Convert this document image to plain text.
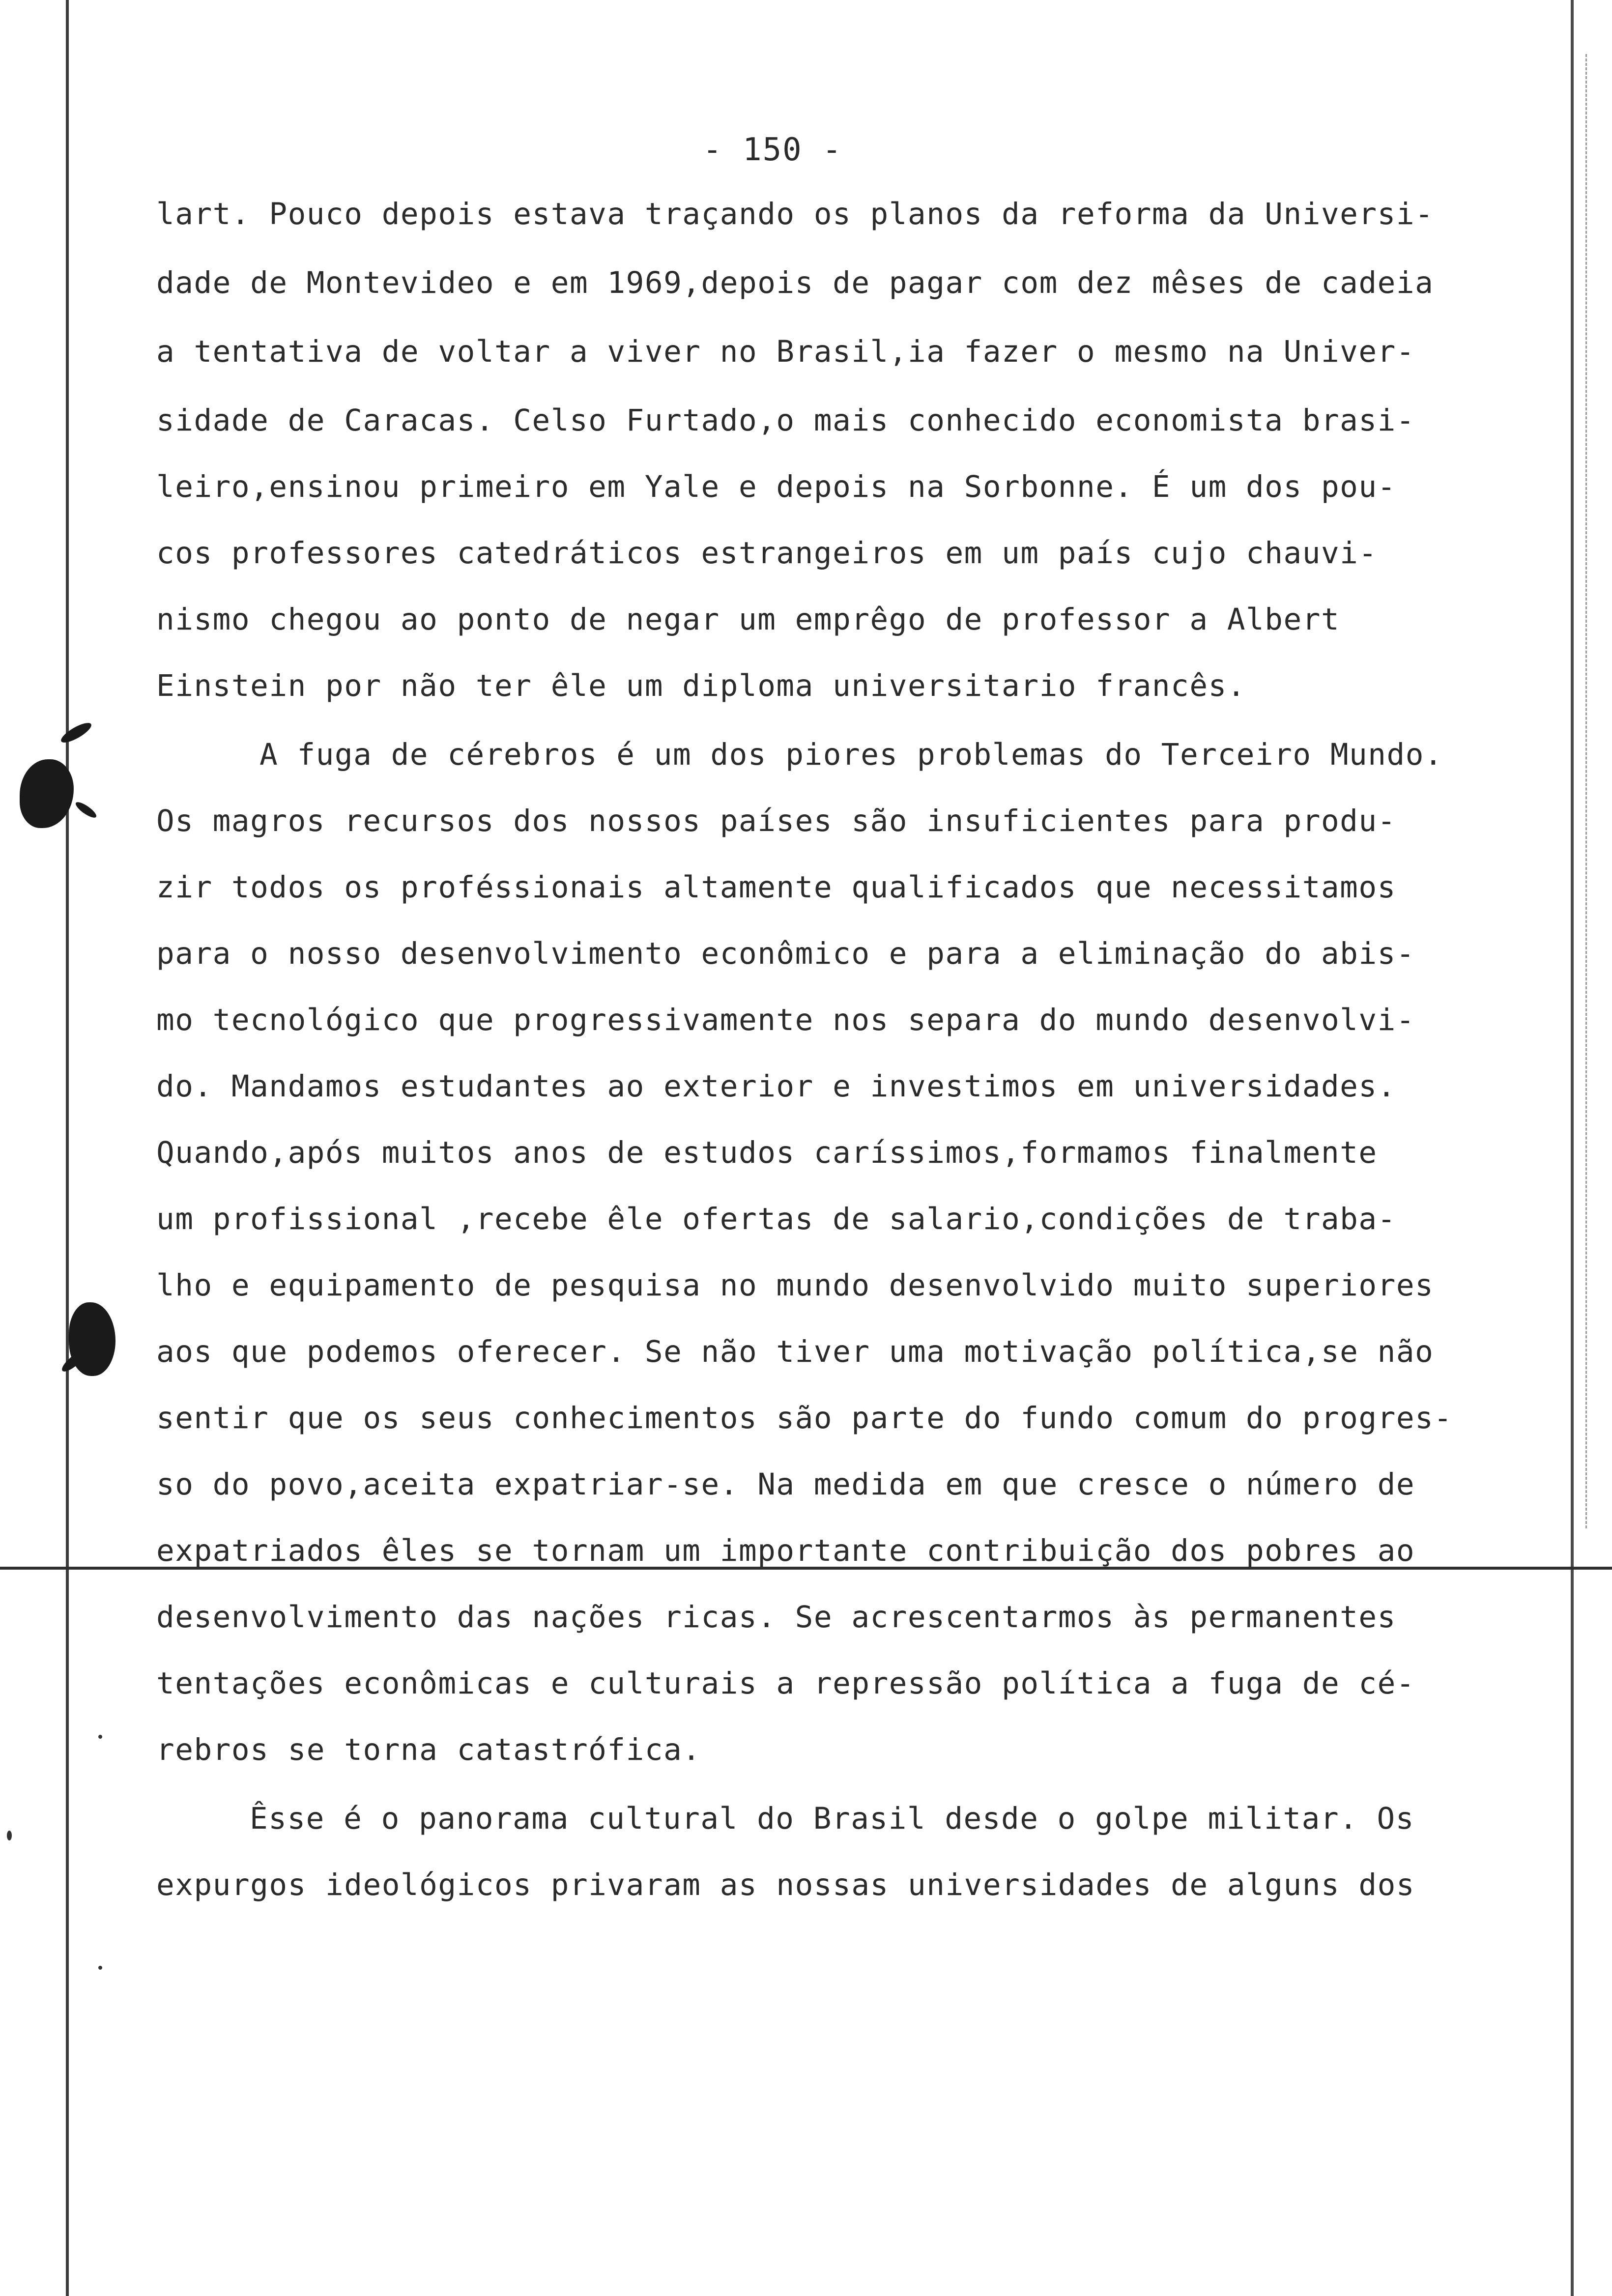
- 150 -
lart. Pouco depois estava traçando os planos da reforma da Universi-
dade de Montevideo e em 1969,depois de pagar com dez mêses de cadeia
a tentativa de voltar a viver no Brasil,ia fazer o mesmo na Univer-
sidade de Caracas. Celso Furtado,o mais conhecido economista brasi-
leiro,ensinou primeiro em Yale e depois na Sorbonne. É um dos pou-
cos professores catedráticos estrangeiros em um país cujo chauvi-
nismo chegou ao ponto de negar um emprêgo de professor a Albert
Einstein por não ter êle um diploma universitario francês.
A fuga de cérebros é um dos piores problemas do Terceiro Mundo.
Os magros recursos dos nossos países são insuficientes para produ-
zir todos os proféssionais altamente qualificados que necessitamos
para o nosso desenvolvimento econômico e para a eliminação do abis-
mo tecnológico que progressivamente nos separa do mundo desenvolvi-
do. Mandamos estudantes ao exterior e investimos em universidades.
Quando,após muitos anos de estudos caríssimos,formamos finalmente
um profissional ,recebe êle ofertas de salario,condições de traba-
lho e equipamento de pesquisa no mundo desenvolvido muito superiores
aos que podemos oferecer. Se não tiver uma motivação política,se não
sentir que os seus conhecimentos são parte do fundo comum do progres-
so do povo,aceita expatriar-se. Na medida em que cresce o número de
expatriados êles se tornam um importante contribuição dos pobres ao
desenvolvimento das nações ricas. Se acrescentarmos às permanentes
tentações econômicas e culturais a repressão política a fuga de cé-
rebros se torna catastrófica.
Êsse é o panorama cultural do Brasil desde o golpe militar. Os
expurgos ideológicos privaram as nossas universidades de alguns dos
